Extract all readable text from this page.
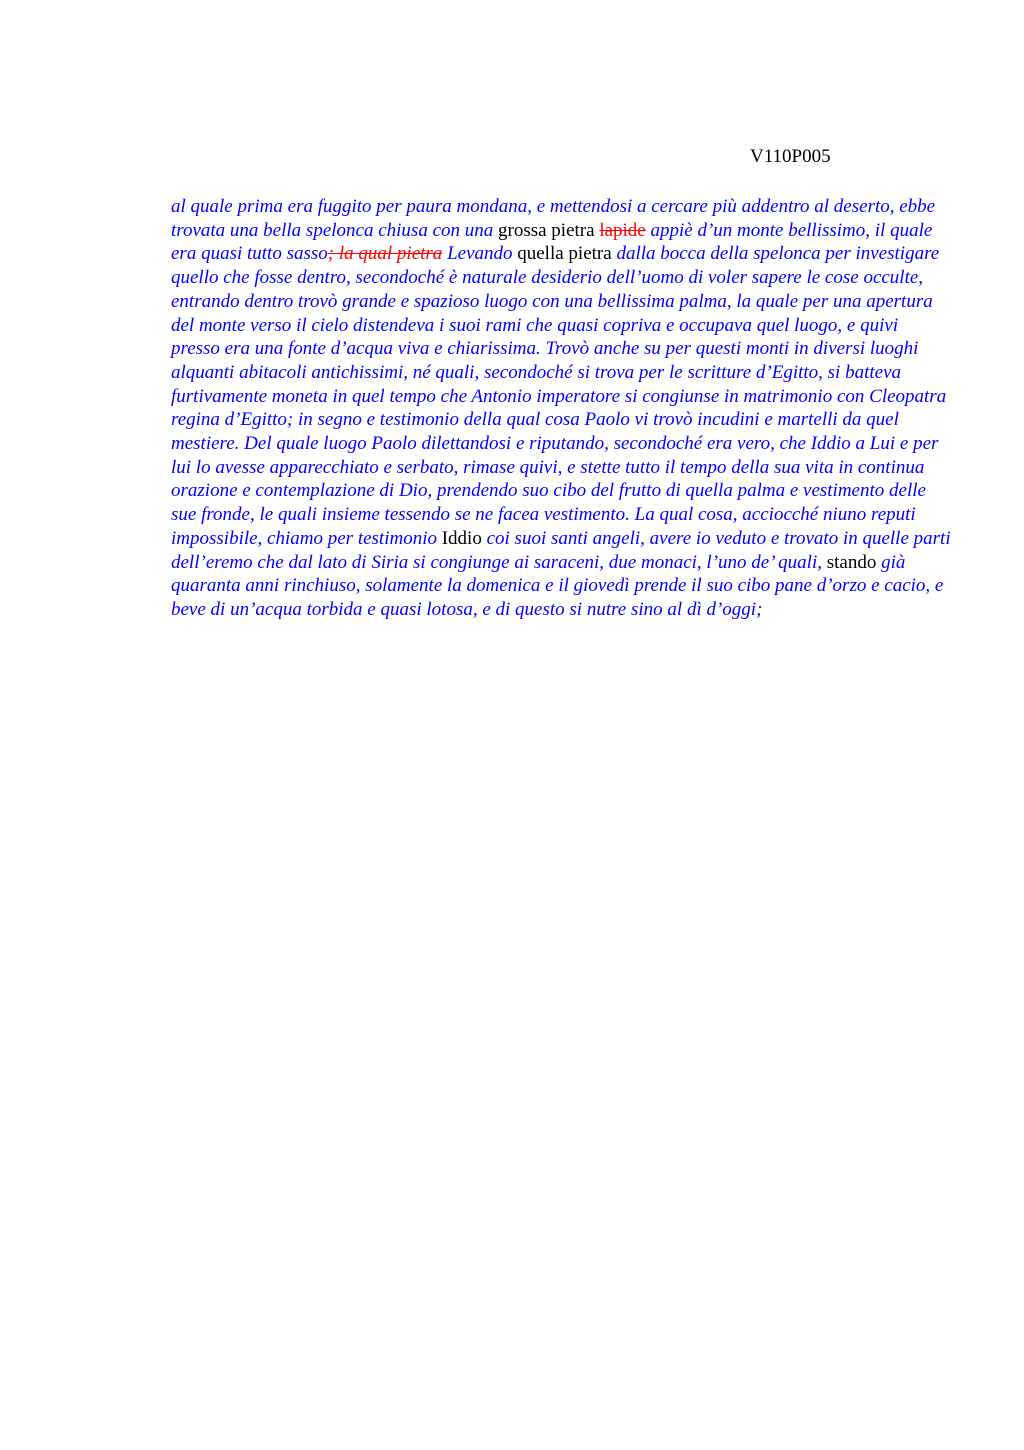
V110P005

al quale prima era fuggito per paura mondana, e mettendosi a cercare più addentro al deserto, ebbe trovata una bella spelonca chiusa con una grossa pietra lapide appiè d’un monte bellissimo, il quale era quasi tutto sasso; la qual pietra Levando quella pietra dalla bocca della spelonca per investigare quello che fosse dentro, secondoché è naturale desiderio dell’uomo di voler sapere le cose occulte, entrando dentro trovò grande e spazioso luogo con una bellissima palma, la quale per una apertura del monte verso il cielo distendeva i suoi rami che quasi copriva e occupava quel luogo, e quivi presso era una fonte d’acqua viva e chiarissima. Trovò anche su per questi monti in diversi luoghi alquanti abitacoli antichissimi, né quali, secondoché si trova per le scritture d’Egitto, si batteva furtivamente moneta in quel tempo che Antonio imperatore si congiunse in matrimonio con Cleopatra regina d’Egitto; in segno e testimonio della qual cosa Paolo vi trovò incudini e martelli da quel mestiere. Del quale luogo Paolo dilettandosi e riputando, secondoché era vero, che Iddio a Lui e per lui lo avesse apparecchiato e serbato, rimase quivi, e stette tutto il tempo della sua vita in continua orazione e contemplazione di Dio, prendendo suo cibo del frutto di quella palma e vestimento delle sue fronde, le quali insieme tessendo se ne facea vestimento. La qual cosa, acciocché niuno reputi impossibile, chiamo per testimonio Iddio coi suoi santi angeli, avere io veduto e trovato in quelle parti dell’eremo che dal lato di Siria si congiunge ai saraceni, due monaci, l’uno de’ quali, stando già quaranta anni rinchiuso, solamente la domenica e il giovedì prende il suo cibo pane d’orzo e cacio, e beve di un’acqua torbida e quasi lotosa, e di questo si nutre sino al dì d’oggi;
